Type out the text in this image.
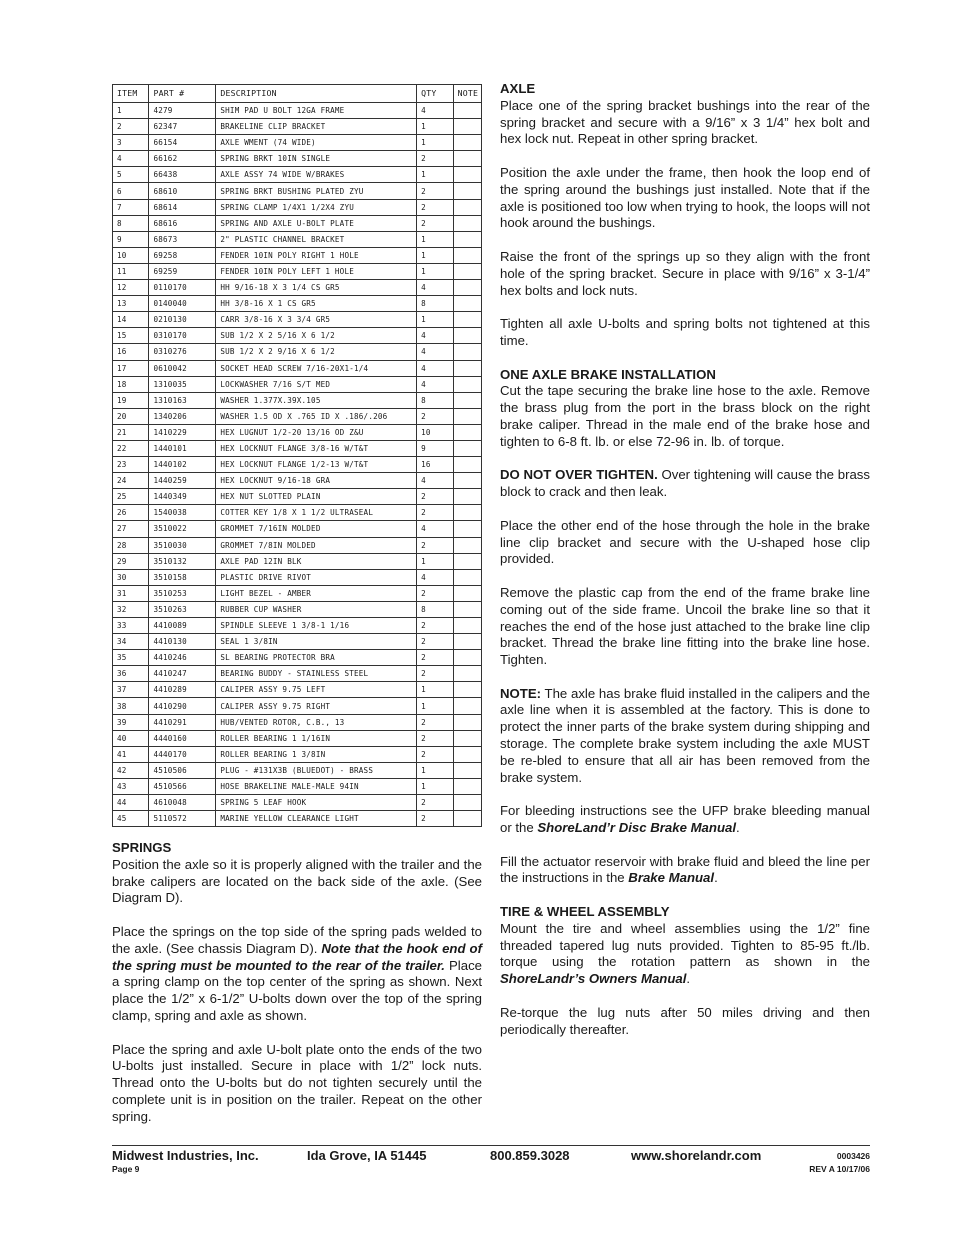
ITEM	PART #	DESCRIPTION	QTY	NOTE
1	4279	SHIM PAD U BOLT 12GA FRAME	4	
2	62347	BRAKELINE CLIP BRACKET	1	
3	66154	AXLE WMENT (74 WIDE)	1	
4	66162	SPRING BRKT 10IN SINGLE	2	
5	66438	AXLE ASSY 74 WIDE W/BRAKES	1	
6	68610	SPRING BRKT BUSHING PLATED ZYU	2	
7	68614	SPRING CLAMP 1/4X1 1/2X4 ZYU	2	
8	68616	SPRING AND AXLE U-BOLT PLATE	2	
9	68673	2" PLASTIC CHANNEL BRACKET	1	
10	69258	FENDER 10IN POLY RIGHT 1 HOLE	1	
11	69259	FENDER 10IN POLY LEFT 1 HOLE	1	
12	0110170	HH 9/16-18 X 3 1/4 CS GR5	4	
13	0140040	HH 3/8-16 X 1 CS GR5	8	
14	0210130	CARR 3/8-16 X 3 3/4 GR5	1	
15	0310170	SUB 1/2 X 2 5/16 X 6 1/2	4	
16	0310276	SUB 1/2 X 2 9/16 X 6 1/2	4	
17	0610042	SOCKET HEAD SCREW 7/16-20X1-1/4	4	
18	1310035	LOCKWASHER 7/16 S/T MED	4	
19	1310163	WASHER 1.377X.39X.105	8	
20	1340206	WASHER 1.5 OD X .765 ID X .186/.206	2	
21	1410229	HEX LUGNUT 1/2-20 13/16 OD Z&U	10	
22	1440101	HEX LOCKNUT FLANGE 3/8-16 W/T&T	9	
23	1440102	HEX LOCKNUT FLANGE 1/2-13 W/T&T	16	
24	1440259	HEX LOCKNUT 9/16-18 GRA	4	
25	1440349	HEX NUT SLOTTED PLAIN	2	
26	1540038	COTTER KEY 1/8 X 1 1/2 ULTRASEAL	2	
27	3510022	GROMMET 7/16IN MOLDED	4	
28	3510030	GROMMET 7/8IN MOLDED	2	
29	3510132	AXLE PAD 12IN BLK	1	
30	3510158	PLASTIC DRIVE RIVOT	4	
31	3510253	LIGHT BEZEL - AMBER	2	
32	3510263	RUBBER CUP WASHER	8	
33	4410089	SPINDLE SLEEVE 1 3/8-1 1/16	2	
34	4410130	SEAL 1 3/8IN	2	
35	4410246	SL BEARING PROTECTOR BRA	2	
36	4410247	BEARING BUDDY - STAINLESS STEEL	2	
37	4410289	CALIPER ASSY 9.75 LEFT	1	
38	4410290	CALIPER ASSY 9.75 RIGHT	1	
39	4410291	HUB/VENTED ROTOR, C.B., 13	2	
40	4440160	ROLLER BEARING 1 1/16IN	2	
41	4440170	ROLLER BEARING 1 3/8IN	2	
42	4510506	PLUG - #131X3B (BLUEDOT) - BRASS	1	
43	4510566	HOSE BRAKELINE MALE-MALE 94IN	1	
44	4610048	SPRING 5 LEAF HOOK	2	
45	5110572	MARINE YELLOW CLEARANCE LIGHT	2	
SPRINGS

Position the axle so it is properly aligned with the trailer and the brake calipers are located on the back side of the axle. (See Diagram D).

Place the springs on the top side of the spring pads welded to the axle. (See chassis Diagram D). Note that the hook end of the spring must be mounted to the rear of the trailer. Place a spring clamp on the top center of the spring as shown. Next place the 1/2” x 6-1/2” U-bolts down over the top of the spring clamp, spring and axle as shown.

Place the spring and axle U-bolt plate onto the ends of the two U-bolts just installed. Secure in place with 1/2” lock nuts. Thread onto the U-bolts but do not tighten securely until the complete unit is in position on the trailer. Repeat on the other spring.

AXLE

Place one of the spring bracket bushings into the rear of the spring bracket and secure with a 9/16” x 3 1/4” hex bolt and hex lock nut. Repeat in other spring bracket.

Position the axle under the frame, then hook the loop end of the spring around the bushings just installed. Note that if the axle is positioned too low when trying to hook, the loops will not hook around the bushings.

Raise the front of the springs up so they align with the front hole of the spring bracket. Secure in place with 9/16” x 3-1/4” hex bolts and lock nuts.

Tighten all axle U-bolts and spring bolts not tightened at this time.

ONE AXLE BRAKE INSTALLATION

Cut the tape securing the brake line hose to the axle. Remove the brass plug from the port in the brass block on the right brake caliper. Thread in the male end of the brake hose and tighten to 6-8 ft. lb. or else 72-96 in. lb. of torque.

DO NOT OVER TIGHTEN. Over tightening will cause the brass block to crack and then leak.

Place the other end of the hose through the hole in the brake line clip bracket and secure with the U-shaped hose clip provided.

Remove the plastic cap from the end of the frame brake line coming out of the side frame. Uncoil the brake line so that it reaches the end of the hose just attached to the brake line clip bracket. Thread the brake line fitting into the brake line hose. Tighten.

NOTE: The axle has brake fluid installed in the calipers and the axle line when it is assembled at the factory. This is done to protect the inner parts of the brake system during shipping and storage. The complete brake system including the axle MUST be re-bled to ensure that all air has been removed from the brake system.

For bleeding instructions see the UFP brake bleeding manual or the ShoreLand’r Disc Brake Manual.

Fill the actuator reservoir with brake fluid and bleed the line per the instructions in the Brake Manual.

TIRE & WHEEL ASSEMBLY

Mount the tire and wheel assemblies using the 1/2” fine threaded tapered lug nuts provided. Tighten to 85-95 ft./lb. torque using the rotation pattern as shown in the ShoreLandr’s Owners Manual.

Re-torque the lug nuts after 50 miles driving and then periodically thereafter.

Midwest Industries, Inc.	Ida Grove, IA 51445	800.859.3028	www.shorelandr.com	0003426
Page 9	REV A 10/17/06
